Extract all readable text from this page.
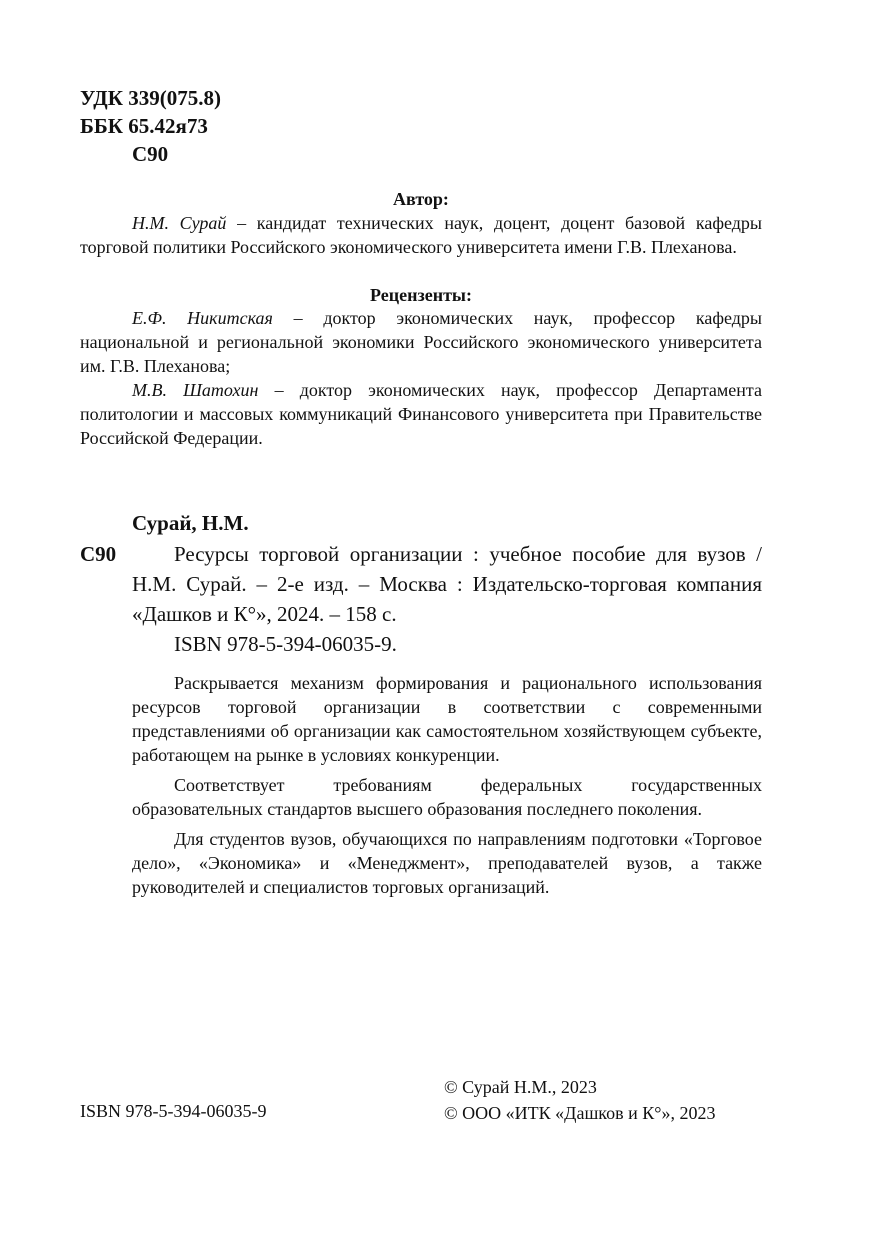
УДК 339(075.8)
ББК 65.42я73
С90
Автор:

Н.М. Сурай – кандидат технических наук, доцент, доцент базовой кафедры торговой политики Российского экономического университета имени Г.В. Плеханова.

Рецензенты:

Е.Ф. Никитская – доктор экономических наук, профессор кафедры национальной и региональной экономики Российского экономического университета им. Г.В. Плеханова;

М.В. Шатохин – доктор экономических наук, профессор Департамента политологии и массовых коммуникаций Финансового университета при Правительстве Российской Федерации.

Сурай, Н.М.
С90	Ресурсы торговой организации : учебное пособие для вузов / Н.М. Сурай. – 2-е изд. – Москва : Издательско-торговая компания «Дашков и К°», 2024. – 158 с.

ISBN 978-5-394-06035-9.

Раскрывается механизм формирования и рационального использования ресурсов торговой организации в соответствии с современными представлениями об организации как самостоятельном хозяйствующем субъекте, работающем на рынке в условиях конкуренции.

Соответствует требованиям федеральных государственных образовательных стандартов высшего образования последнего поколения.

Для студентов вузов, обучающихся по направлениям подготовки «Торговое дело», «Экономика» и «Менеджмент», преподавателей вузов, а также руководителей и специалистов торговых организаций.

ISBN 978-5-394-06035-9
© Сурай Н.М., 2023
© ООО «ИТК «Дашков и К°», 2023
